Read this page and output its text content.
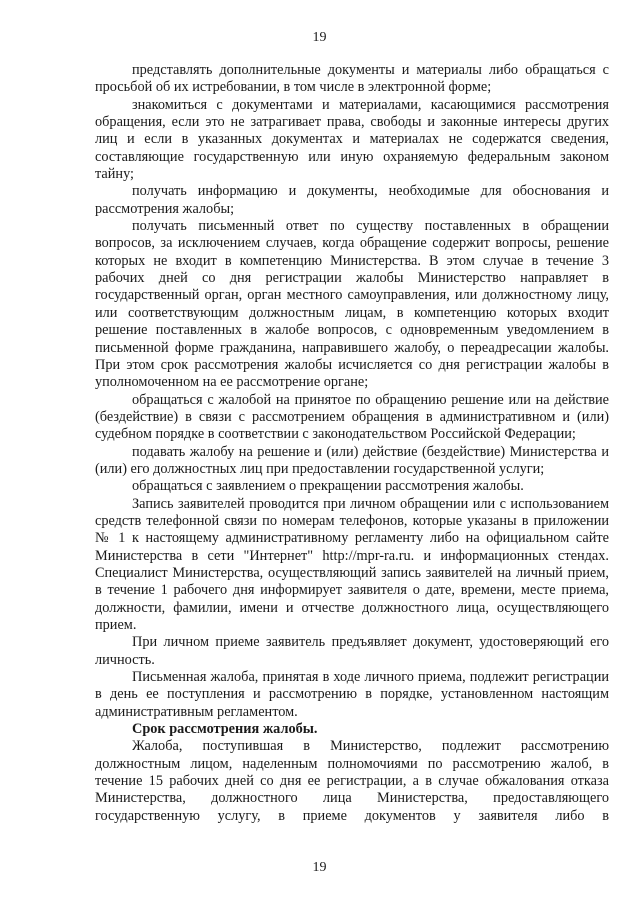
19

представлять дополнительные документы и материалы либо обращаться с просьбой об их истребовании, в том числе в электронной форме;

знакомиться с документами и материалами, касающимися рассмотрения обращения, если это не затрагивает права, свободы и законные интересы других лиц и если в указанных документах и материалах не содержатся сведения, составляющие государственную или иную охраняемую федеральным законом тайну;

получать информацию и документы, необходимые для обоснования и рассмотрения жалобы;

получать письменный ответ по существу поставленных в обращении вопросов, за исключением случаев, когда обращение содержит вопросы, решение которых не входит в компетенцию Министерства. В этом случае в течение 3 рабочих дней со дня регистрации жалобы Министерство направляет в государственный орган, орган местного самоуправления, или должностному лицу, или соответствующим должностным лицам, в компетенцию которых входит решение поставленных в жалобе вопросов, с одновременным уведомлением в письменной форме гражданина, направившего жалобу, о переадресации жалобы. При этом срок рассмотрения жалобы исчисляется со дня регистрации жалобы в уполномоченном на ее рассмотрение органе;

обращаться с жалобой на принятое по обращению решение или на действие (бездействие) в связи с рассмотрением обращения в административном и (или) судебном порядке в соответствии с законодательством Российской Федерации;

подавать жалобу на решение и (или) действие (бездействие) Министерства и (или) его должностных лиц при предоставлении государственной услуги;

обращаться с заявлением о прекращении рассмотрения жалобы.

Запись заявителей проводится при личном обращении или с использованием средств телефонной связи по номерам телефонов, которые указаны в приложении № 1 к настоящему административному регламенту либо на официальном сайте Министерства в сети "Интернет" http://mpr-ra.ru. и информационных стендах. Специалист Министерства, осуществляющий запись заявителей на личный прием, в течение 1 рабочего дня информирует заявителя о дате, времени, месте приема, должности, фамилии, имени и отчестве должностного лица, осуществляющего прием.

При личном приеме заявитель предъявляет документ, удостоверяющий его личность.

Письменная жалоба, принятая в ходе личного приема, подлежит регистрации в день ее поступления и рассмотрению в порядке, установленном настоящим административным регламентом.

Срок рассмотрения жалобы.

Жалоба, поступившая в Министерство, подлежит рассмотрению должностным лицом, наделенным полномочиями по рассмотрению жалоб, в течение 15 рабочих дней со дня ее регистрации, а в случае обжалования отказа Министерства, должностного лица Министерства, предоставляющего государственную услугу, в приеме документов у заявителя либо в

19
